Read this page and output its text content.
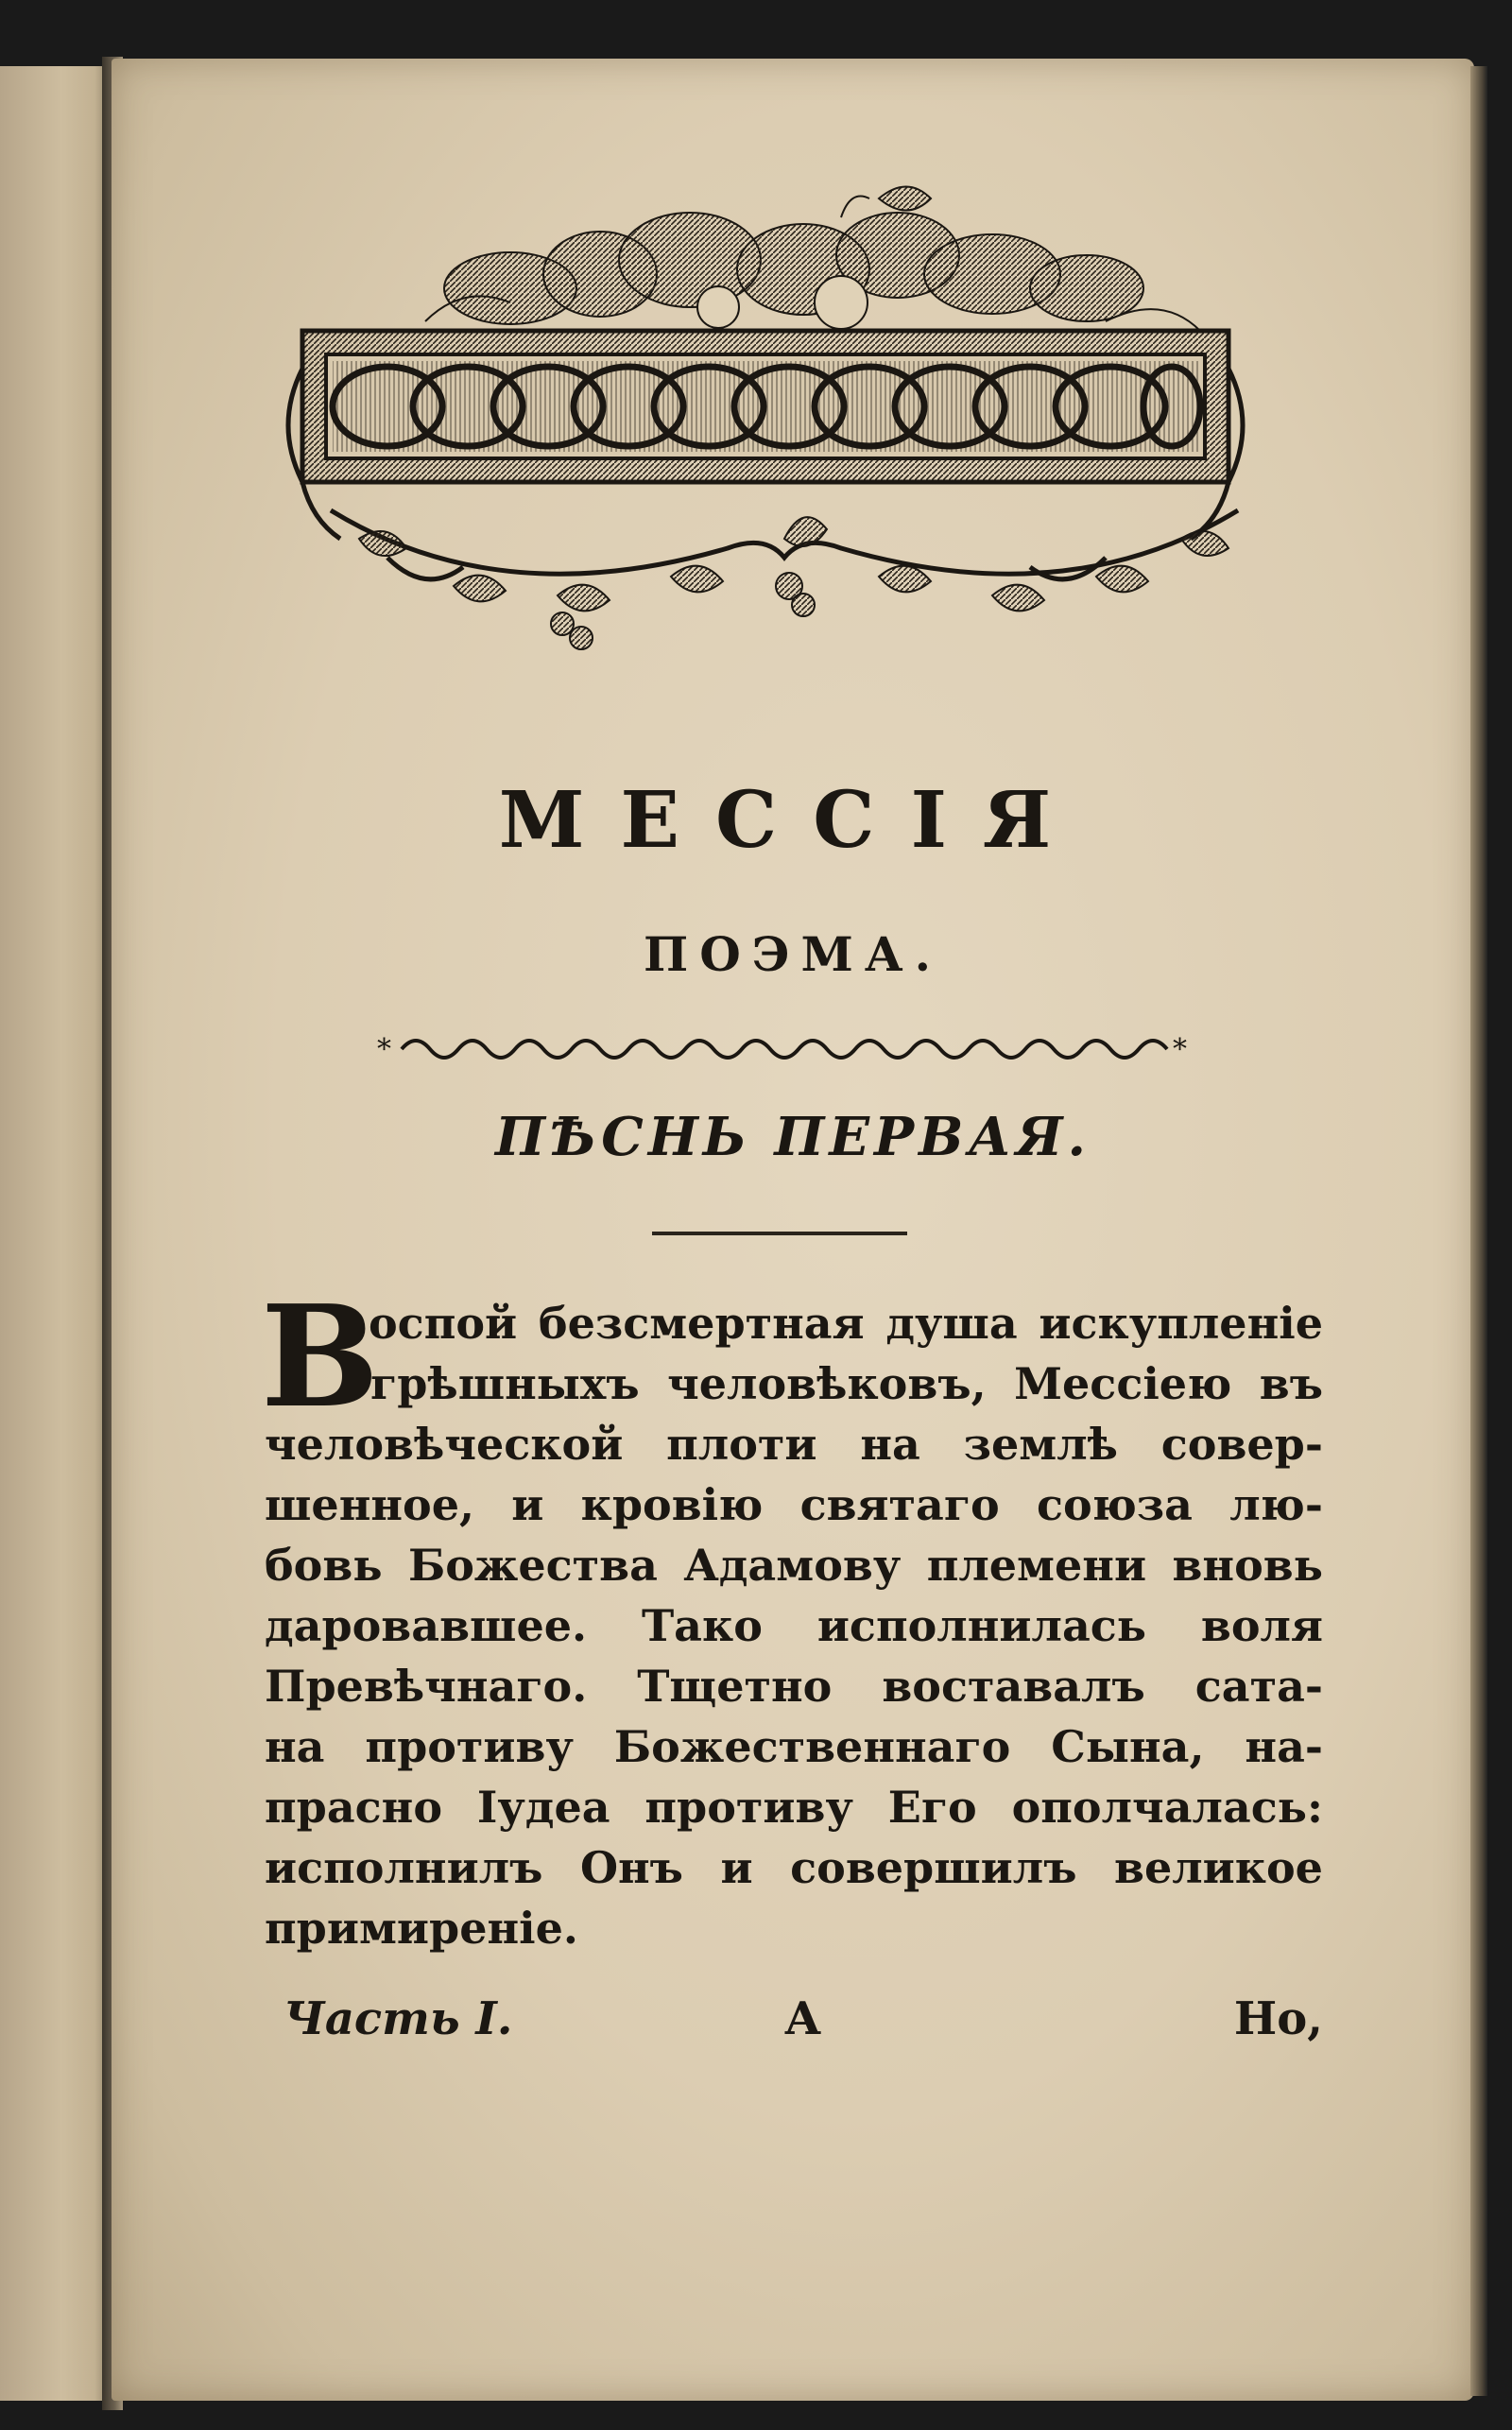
МЕССІЯ
ПОЭМА.
*	*
ПѢСНЬ ПЕРВАЯ.
В
оспой безсмертная душа искупленіе
грѣшныхъ человѣковъ, Мессіею въ
человѣческой плоти на землѣ совер-
шенное, и кровію святаго союза лю-
бовь Божества Адамову племени вновь
даровавшее. Тако исполнилась воля
Превѣчнаго. Тщетно воставалъ сата-
на противу Божественнаго Сына, на-
прасно Іудеа противу Его ополчалась:
исполнилъ Онъ и совершилъ великое
примиреніе.
Часть I.	А	Но,
